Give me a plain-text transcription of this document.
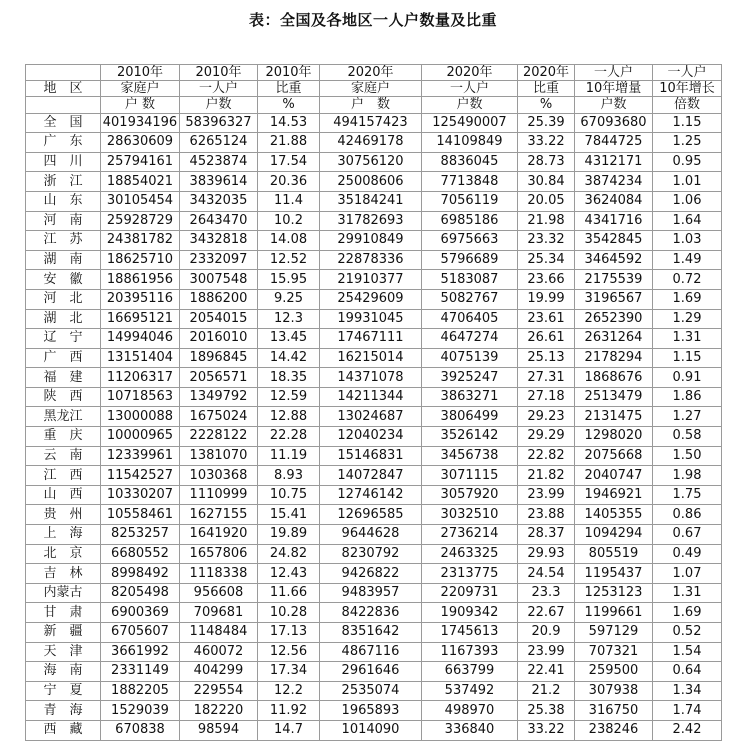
表：全国及各地区一人户数量及比重
	2010年	2010年	2010年	2020年	2020年	2020年	一人户	一人户
地　区	家庭户	一人户	比重	家庭户	一人户	比重	10年增量	10年增长
	户 数	户数	%	户　数	户数	%	户数	倍数
全　国	401934196	58396327	14.53	494157423	125490007	25.39	67093680	1.15
广　东	28630609	6265124	21.88	42469178	14109849	33.22	7844725	1.25
四　川	25794161	4523874	17.54	30756120	8836045	28.73	4312171	0.95
浙　江	18854021	3839614	20.36	25008606	7713848	30.84	3874234	1.01
山　东	30105454	3432035	11.4	35184241	7056119	20.05	3624084	1.06
河　南	25928729	2643470	10.2	31782693	6985186	21.98	4341716	1.64
江　苏	24381782	3432818	14.08	29910849	6975663	23.32	3542845	1.03
湖　南	18625710	2332097	12.52	22878336	5796689	25.34	3464592	1.49
安　徽	18861956	3007548	15.95	21910377	5183087	23.66	2175539	0.72
河　北	20395116	1886200	9.25	25429609	5082767	19.99	3196567	1.69
湖　北	16695121	2054015	12.3	19931045	4706405	23.61	2652390	1.29
辽　宁	14994046	2016010	13.45	17467111	4647274	26.61	2631264	1.31
广　西	13151404	1896845	14.42	16215014	4075139	25.13	2178294	1.15
福　建	11206317	2056571	18.35	14371078	3925247	27.31	1868676	0.91
陕　西	10718563	1349792	12.59	14211344	3863271	27.18	2513479	1.86
黑龙江	13000088	1675024	12.88	13024687	3806499	29.23	2131475	1.27
重　庆	10000965	2228122	22.28	12040234	3526142	29.29	1298020	0.58
云　南	12339961	1381070	11.19	15146831	3456738	22.82	2075668	1.50
江　西	11542527	1030368	8.93	14072847	3071115	21.82	2040747	1.98
山　西	10330207	1110999	10.75	12746142	3057920	23.99	1946921	1.75
贵　州	10558461	1627155	15.41	12696585	3032510	23.88	1405355	0.86
上　海	8253257	1641920	19.89	9644628	2736214	28.37	1094294	0.67
北　京	6680552	1657806	24.82	8230792	2463325	29.93	805519	0.49
吉　林	8998492	1118338	12.43	9426822	2313775	24.54	1195437	1.07
内蒙古	8205498	956608	11.66	9483957	2209731	23.3	1253123	1.31
甘　肃	6900369	709681	10.28	8422836	1909342	22.67	1199661	1.69
新　疆	6705607	1148484	17.13	8351642	1745613	20.9	597129	0.52
天　津	3661992	460072	12.56	4867116	1167393	23.99	707321	1.54
海　南	2331149	404299	17.34	2961646	663799	22.41	259500	0.64
宁　夏	1882205	229554	12.2	2535074	537492	21.2	307938	1.34
青　海	1529039	182220	11.92	1965893	498970	25.38	316750	1.74
西　藏	670838	98594	14.7	1014090	336840	33.22	238246	2.42
